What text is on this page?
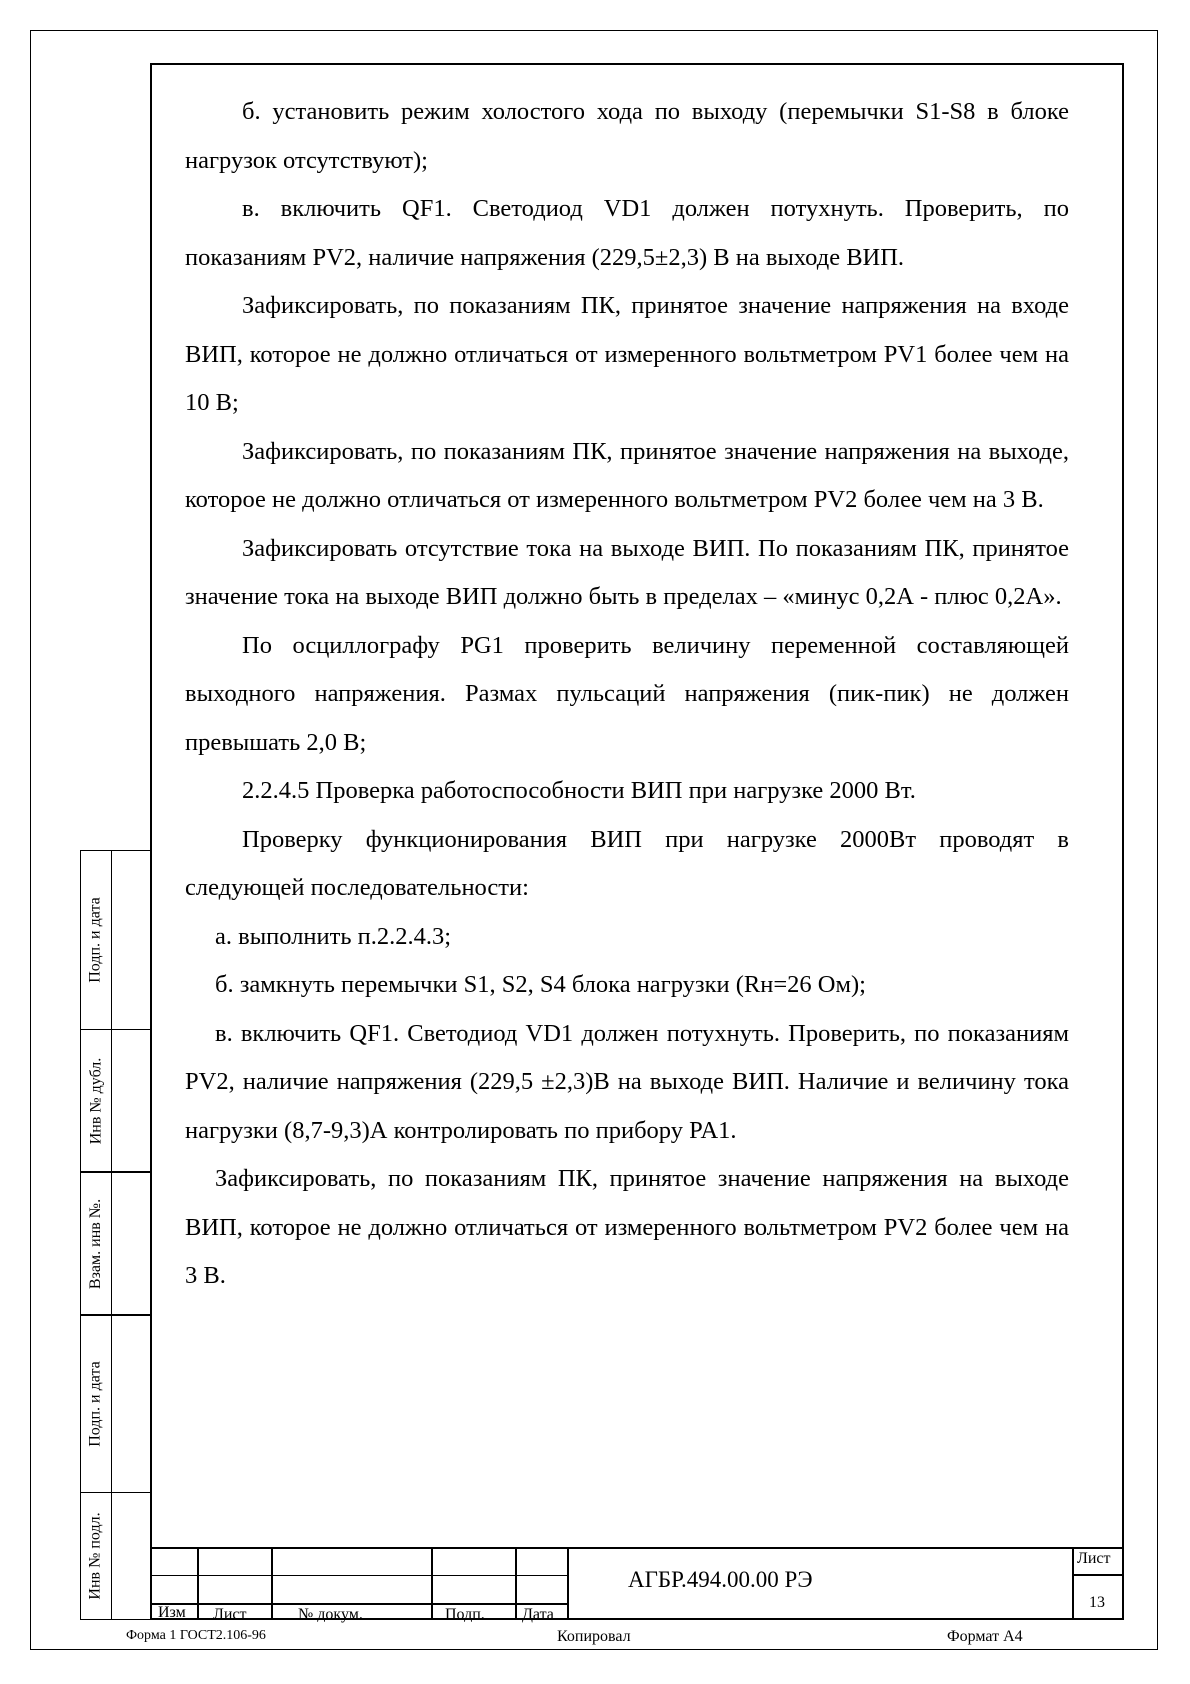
б. установить режим холостого хода по выходу (перемычки S1-S8 в блоке нагрузок отсутствуют);

в. включить QF1. Светодиод VD1 должен потухнуть. Проверить, по показаниям PV2, наличие напряжения (229,5±2,3) В на выходе ВИП.

Зафиксировать, по показаниям ПК, принятое значение напряжения на входе ВИП, которое не должно отличаться от измеренного вольтметром PV1 более чем на 10 В;

Зафиксировать, по показаниям ПК, принятое значение напряжения на выходе, которое не должно отличаться от измеренного вольтметром PV2 более чем на 3 В.

Зафиксировать отсутствие тока на выходе ВИП. По показаниям ПК, принятое значение тока на выходе ВИП должно быть в пределах – «минус 0,2А - плюс 0,2А».

По осциллографу PG1 проверить величину переменной составляющей выходного напряжения. Размах пульсаций напряжения (пик-пик) не должен превышать 2,0 В;

2.2.4.5 Проверка работоспособности ВИП при нагрузке 2000 Вт.

Проверку функционирования ВИП при нагрузке 2000Вт проводят в следующей последовательности:

а. выполнить п.2.2.4.3;

б. замкнуть перемычки S1, S2, S4 блока нагрузки (Rн=26 Ом);

в. включить QF1. Светодиод VD1 должен потухнуть. Проверить, по показаниям PV2, наличие напряжения (229,5 ±2,3)В на выходе ВИП. Наличие и величину тока нагрузки (8,7-9,3)А контролировать по прибору PA1.

Зафиксировать, по показаниям ПК, принятое значение напряжения на выходе ВИП, которое не должно отличаться от измеренного вольтметром PV2 более чем на 3 В.

Подп. и дата
Инв № дубл.
Взам. инв №.
Подп. и дата
Инв № подл.
Изм Лист	№ докум.	Подп. Дата
АГБР.494.00.00 РЭ
Лист
13
Форма 1 ГОСТ2.106-96	Копировал	Формат А4
